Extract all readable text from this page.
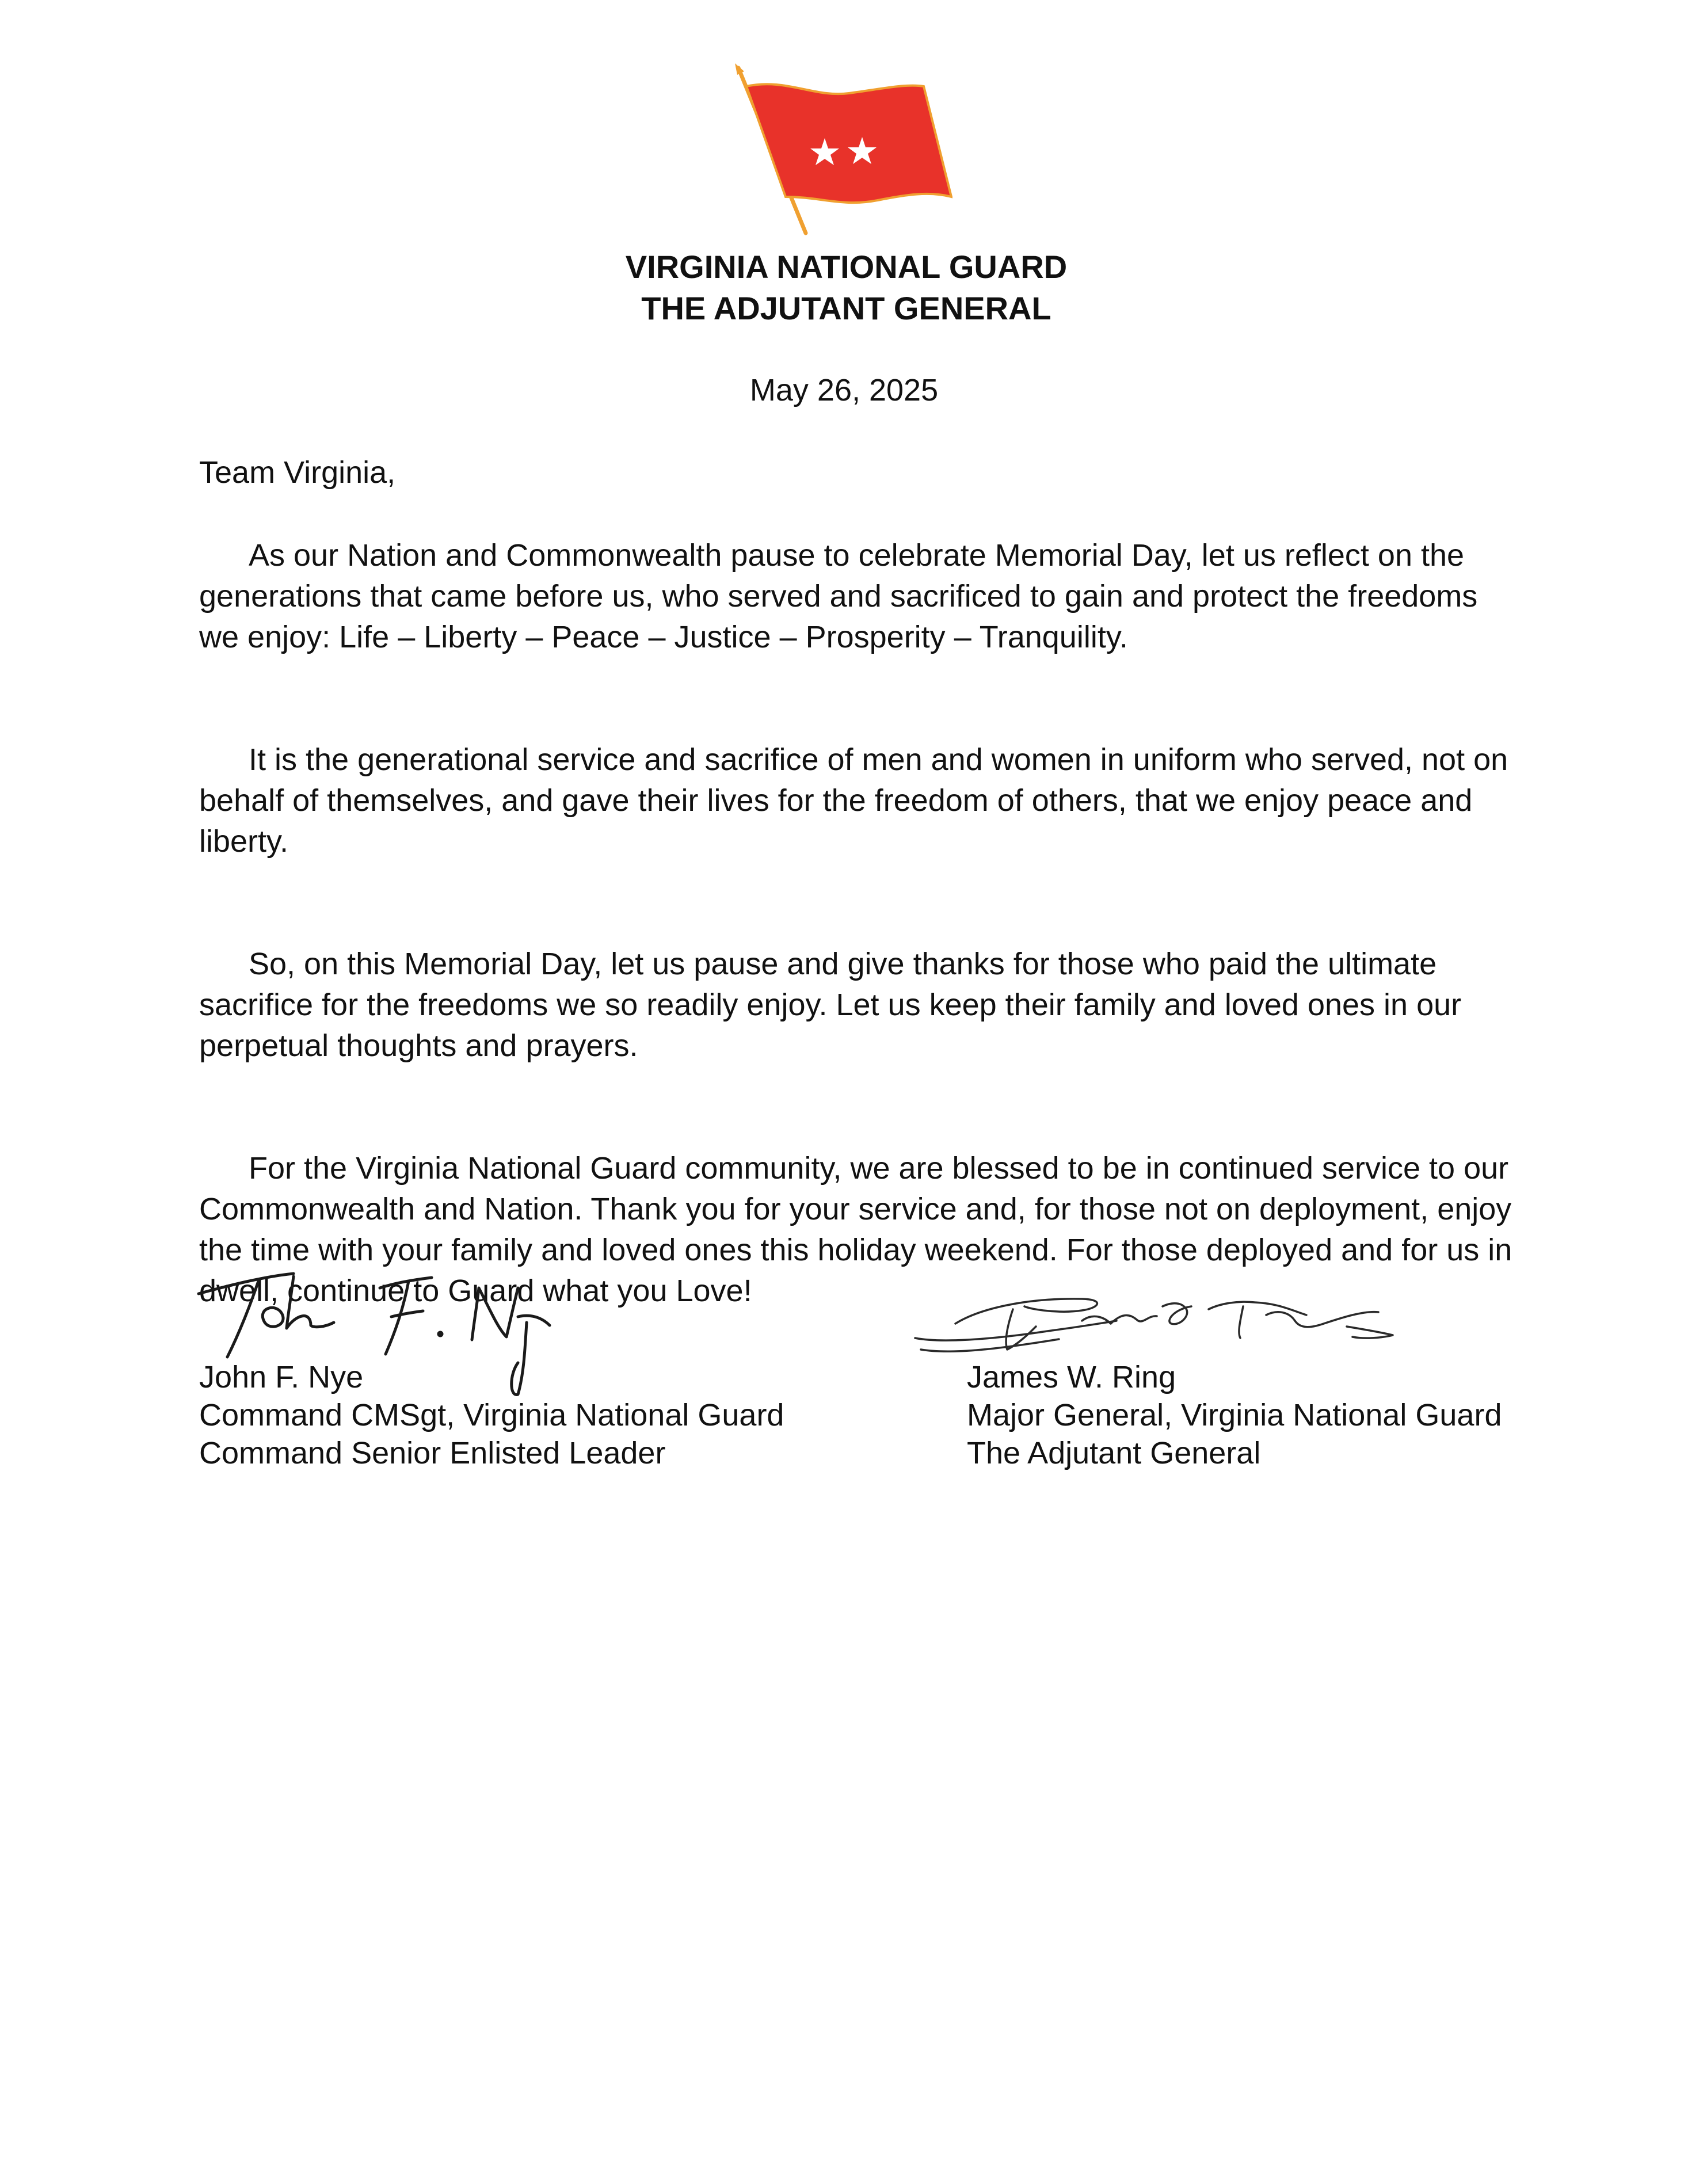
VIRGINIA NATIONAL GUARD
THE ADJUTANT GENERAL
May 26, 2025
Team Virginia,

As our Nation and Commonwealth pause to celebrate Memorial Day, let us reflect on the generations that came before us, who served and sacrificed to gain and protect the freedoms we enjoy: Life – Liberty – Peace – Justice – Prosperity – Tranquility.

It is the generational service and sacrifice of men and women in uniform who served, not on behalf of themselves, and gave their lives for the freedom of others, that we enjoy peace and liberty.

So, on this Memorial Day, let us pause and give thanks for those who paid the ultimate sacrifice for the freedoms we so readily enjoy. Let us keep their family and loved ones in our perpetual thoughts and prayers.

For the Virginia National Guard community, we are blessed to be in continued service to our Commonwealth and Nation. Thank you for your service and, for those not on deployment, enjoy the time with your family and loved ones this holiday weekend. For those deployed and for us in dwell, continue to Guard what you Love!

John F. Nye
Command CMSgt, Virginia National Guard
Command Senior Enlisted Leader
James W. Ring
Major General, Virginia National Guard
The Adjutant General
